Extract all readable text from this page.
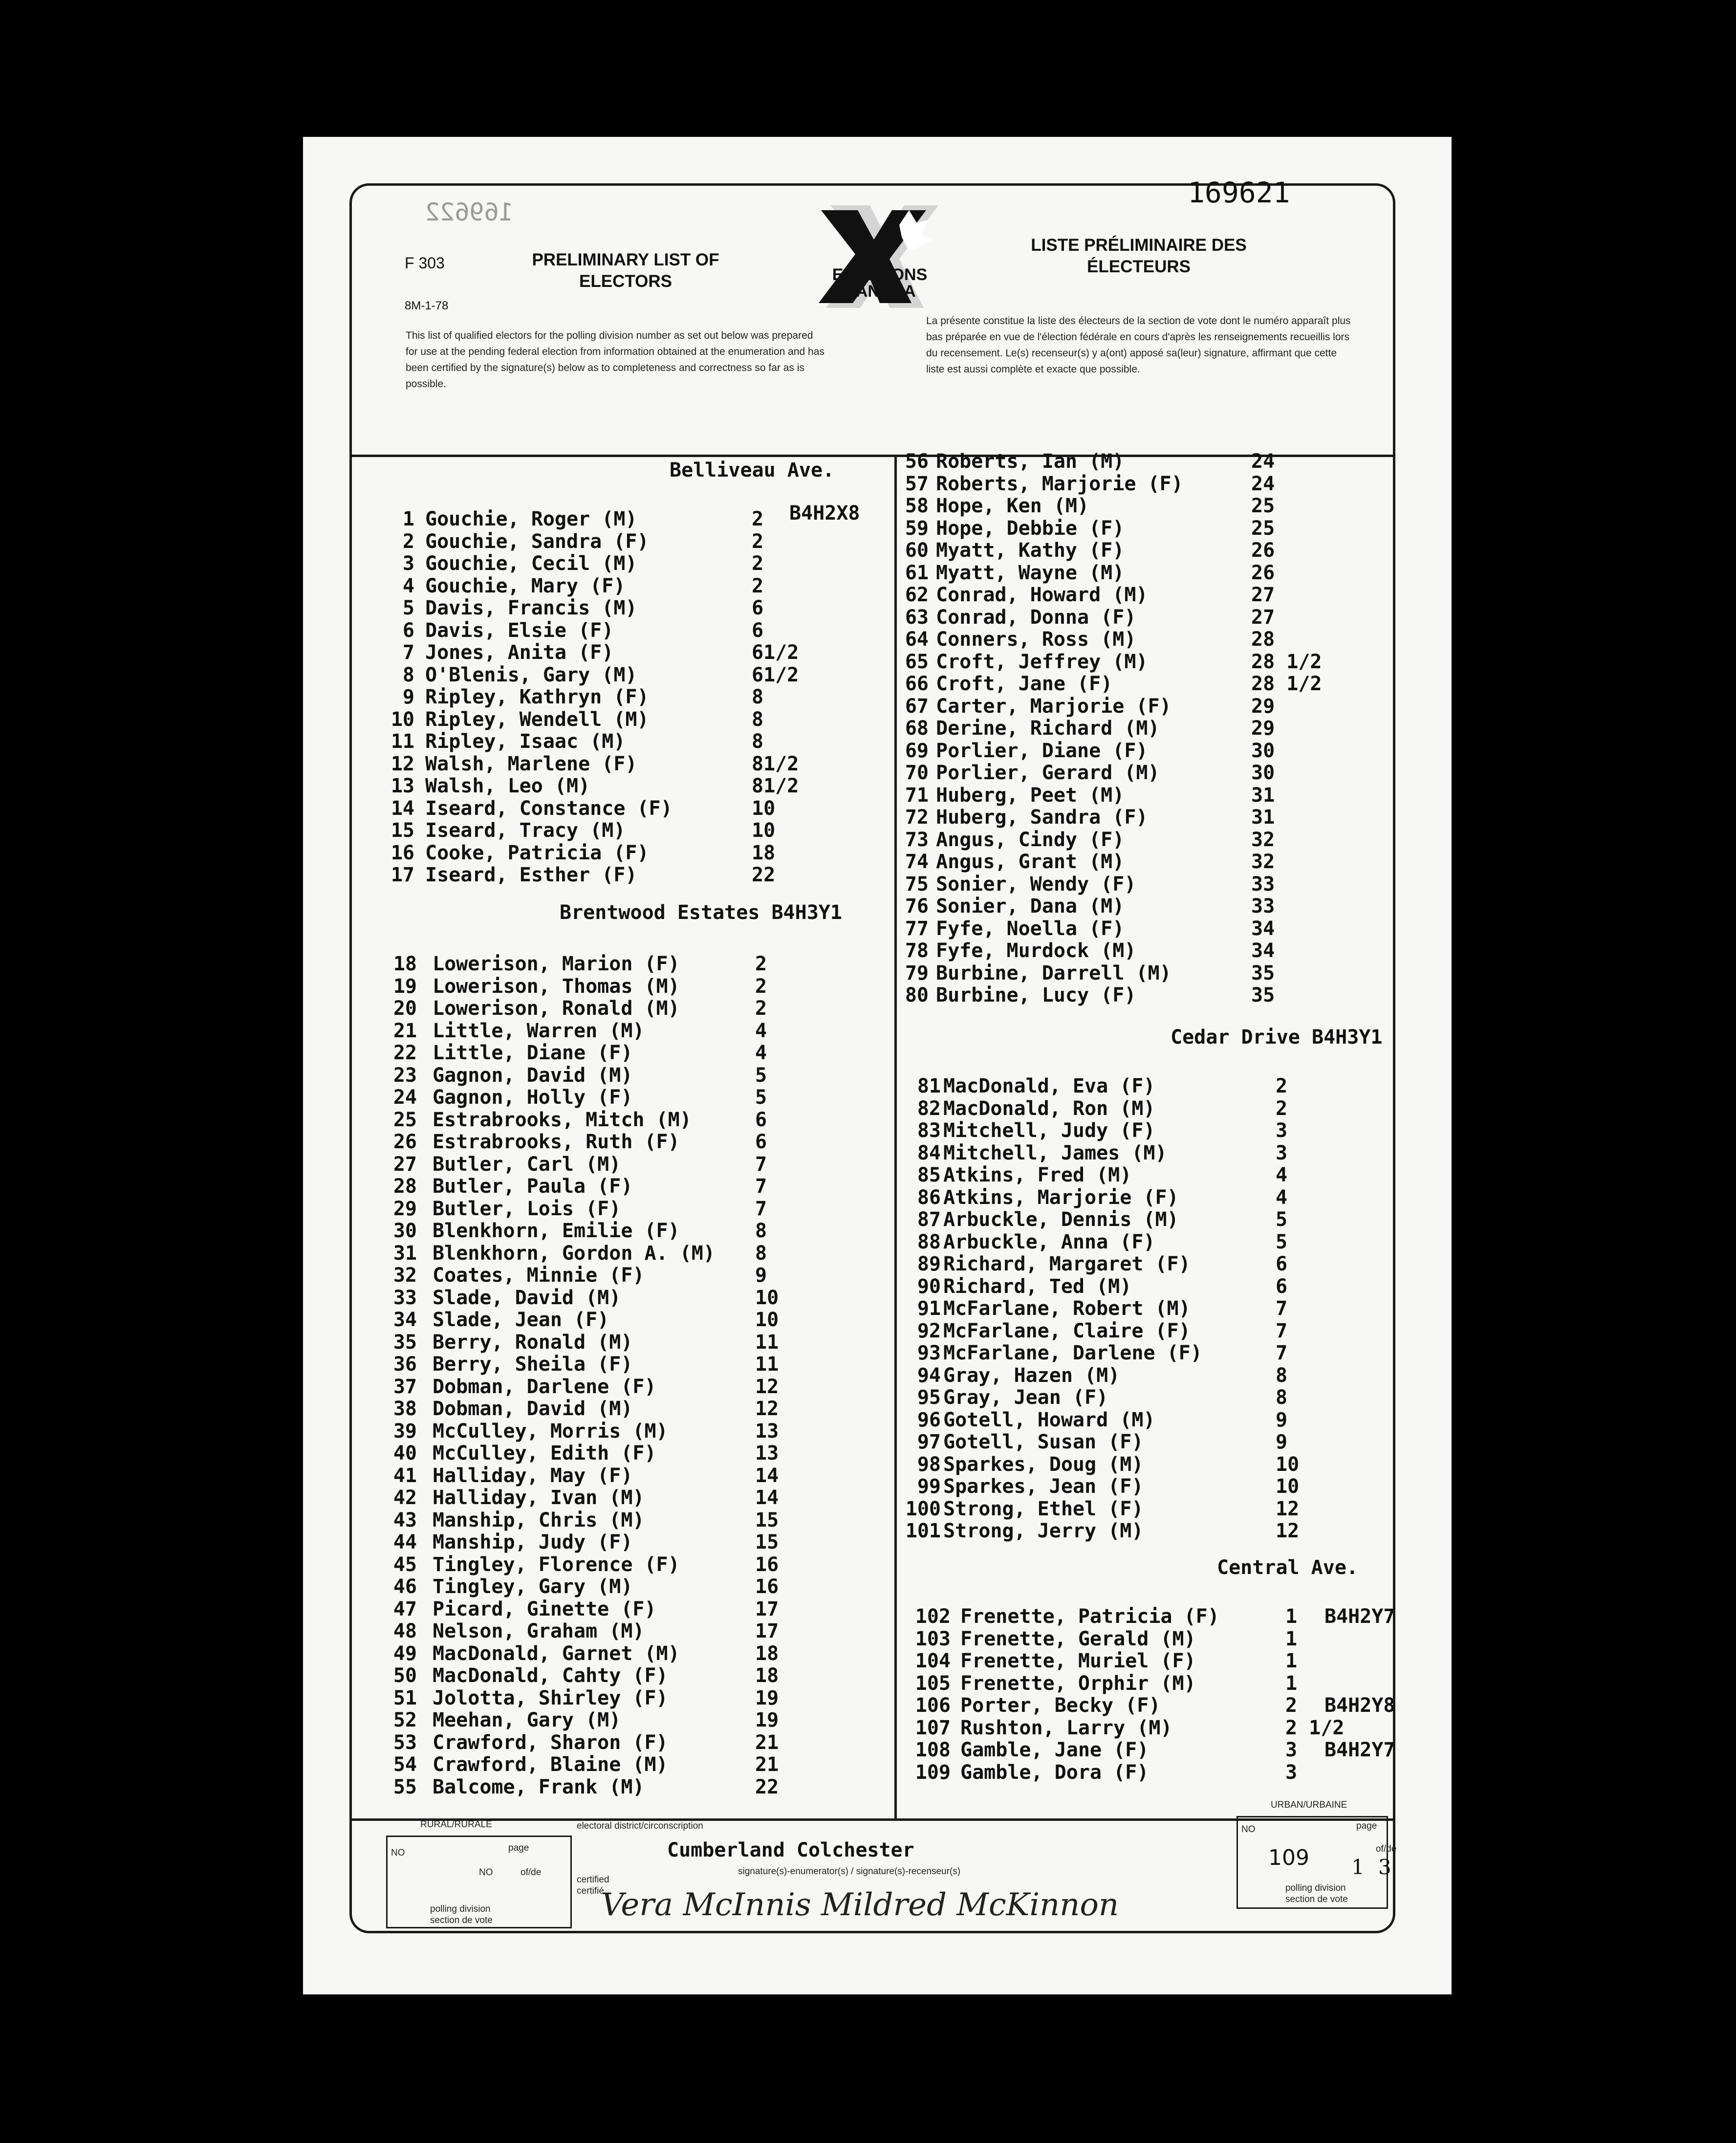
169622
169621
F 303
8M-1-78
PRELIMINARY LIST OF ELECTORS
LISTE PRÉLIMINAIRE DES ÉLECTEURS
ELECTIONS CANADA
This list of qualified electors for the polling division number as set out below was prepared for use at the pending federal election from information obtained at the enumeration and has been certified by the signature(s) below as to completeness and correctness so far as is possible.
La présente constitue la liste des électeurs de la section de vote dont le numéro apparaît plus bas préparée en vue de l'élection fédérale en cours d'après les renseignements recueillis lors du recensement. Le(s) recenseur(s) y a(ont) apposé sa(leur) signature, affirmant que cette liste est aussi complète et exacte que possible.
Belliveau Ave.
B4H2X8
1 Gouchie, Roger (M)	2
2 Gouchie, Sandra (F)	2
3 Gouchie, Cecil (M)	2
4 Gouchie, Mary (F)	2
5 Davis, Francis (M)	6
6 Davis, Elsie (F)	6
7 Jones, Anita (F)	61/2
8 O'Blenis, Gary (M)	61/2
9 Ripley, Kathryn (F)	8
10 Ripley, Wendell (M)	8
11 Ripley, Isaac (M)	8
12 Walsh, Marlene (F)	81/2
13 Walsh, Leo (M)	81/2
14 Iseard, Constance (F)	10
15 Iseard, Tracy (M)	10
16 Cooke, Patricia (F)	18
17 Iseard, Esther (F)	22
Brentwood Estates B4H3Y1
18 Lowerison, Marion (F)	2
19 Lowerison, Thomas (M)	2
20 Lowerison, Ronald (M)	2
21 Little, Warren (M)	4
22 Little, Diane (F)	4
23 Gagnon, David (M)	5
24 Gagnon, Holly (F)	5
25 Estrabrooks, Mitch (M)	6
26 Estrabrooks, Ruth (F)	6
27 Butler, Carl (M)	7
28 Butler, Paula (F)	7
29 Butler, Lois (F)	7
30 Blenkhorn, Emilie (F)	8
31 Blenkhorn, Gordon A. (M) 8
32 Coates, Minnie (F)	9
33 Slade, David (M)	10
34 Slade, Jean (F)	10
35 Berry, Ronald (M)	11
36 Berry, Sheila (F)	11
37 Dobman, Darlene (F)	12
38 Dobman, David (M)	12
39 McCulley, Morris (M)	13
40 McCulley, Edith (F)	13
41 Halliday, May (F)	14
42 Halliday, Ivan (M)	14
43 Manship, Chris (M)	15
44 Manship, Judy (F)	15
45 Tingley, Florence (F)	16
46 Tingley, Gary (M)	16
47 Picard, Ginette (F)	17
48 Nelson, Graham (M)	17
49 MacDonald, Garnet (M)	18
50 MacDonald, Cahty (F)	18
51 Jolotta, Shirley (F)	19
52 Meehan, Gary (M)	19
53 Crawford, Sharon (F)	21
54 Crawford, Blaine (M)	21
55 Balcome, Frank (M)	22
56 Roberts, Ian (M)	24
57 Roberts, Marjorie (F)	24
58 Hope, Ken (M)	25
59 Hope, Debbie (F)	25
60 Myatt, Kathy (F)	26
61 Myatt, Wayne (M)	26
62 Conrad, Howard (M)	27
63 Conrad, Donna (F)	27
64 Conners, Ross (M)	28
65 Croft, Jeffrey (M)	28 1/2
66 Croft, Jane (F)	28 1/2
67 Carter, Marjorie (F)	29
68 Derine, Richard (M)	29
69 Porlier, Diane (F)	30
70 Porlier, Gerard (M)	30
71 Huberg, Peet (M)	31
72 Huberg, Sandra (F)	31
73 Angus, Cindy (F)	32
74 Angus, Grant (M)	32
75 Sonier, Wendy (F)	33
76 Sonier, Dana (M)	33
77 Fyfe, Noella (F)	34
78 Fyfe, Murdock (M)	34
79 Burbine, Darrell (M)	35
80 Burbine, Lucy (F)	35
Cedar Drive B4H3Y1
81 MacDonald, Eva (F)	2
82 MacDonald, Ron (M)	2
83 Mitchell, Judy (F)	3
84 Mitchell, James (M)	3
85 Atkins, Fred (M)	4
86 Atkins, Marjorie (F)	4
87 Arbuckle, Dennis (M)	5
88 Arbuckle, Anna (F)	5
89 Richard, Margaret (F)	6
90 Richard, Ted (M)	6
91 McFarlane, Robert (M)	7
92 McFarlane, Claire (F)	7
93 McFarlane, Darlene (F)	7
94 Gray, Hazen (M)	8
95 Gray, Jean (F)	8
96 Gotell, Howard (M)	9
97 Gotell, Susan (F)	9
98 Sparkes, Doug (M)	10
99 Sparkes, Jean (F)	10
100 Strong, Ethel (F)	12
101 Strong, Jerry (M)	12
Central Ave.
102 Frenette, Patricia (F)	1 B4H2Y7
103 Frenette, Gerald (M)	1
104 Frenette, Muriel (F)	1
105 Frenette, Orphir (M)	1
106 Porter, Becky (F)	2 B4H2Y8
107 Rushton, Larry (M)	2 1/2
108 Gamble, Jane (F)	3 B4H2Y7
109 Gamble, Dora (F)	3
RURAL/RURALE
NO	page
NO	of/de
polling division
section de vote
electoral district/circonscription
Cumberland Colchester
certified
certifié
signature(s)-enumerator(s) / signature(s)-recenseur(s)
Vera McInnis Mildred McKinnon
URBAN/URBAINE
NO	page
of/de
109 1 3
polling division
section de vote
